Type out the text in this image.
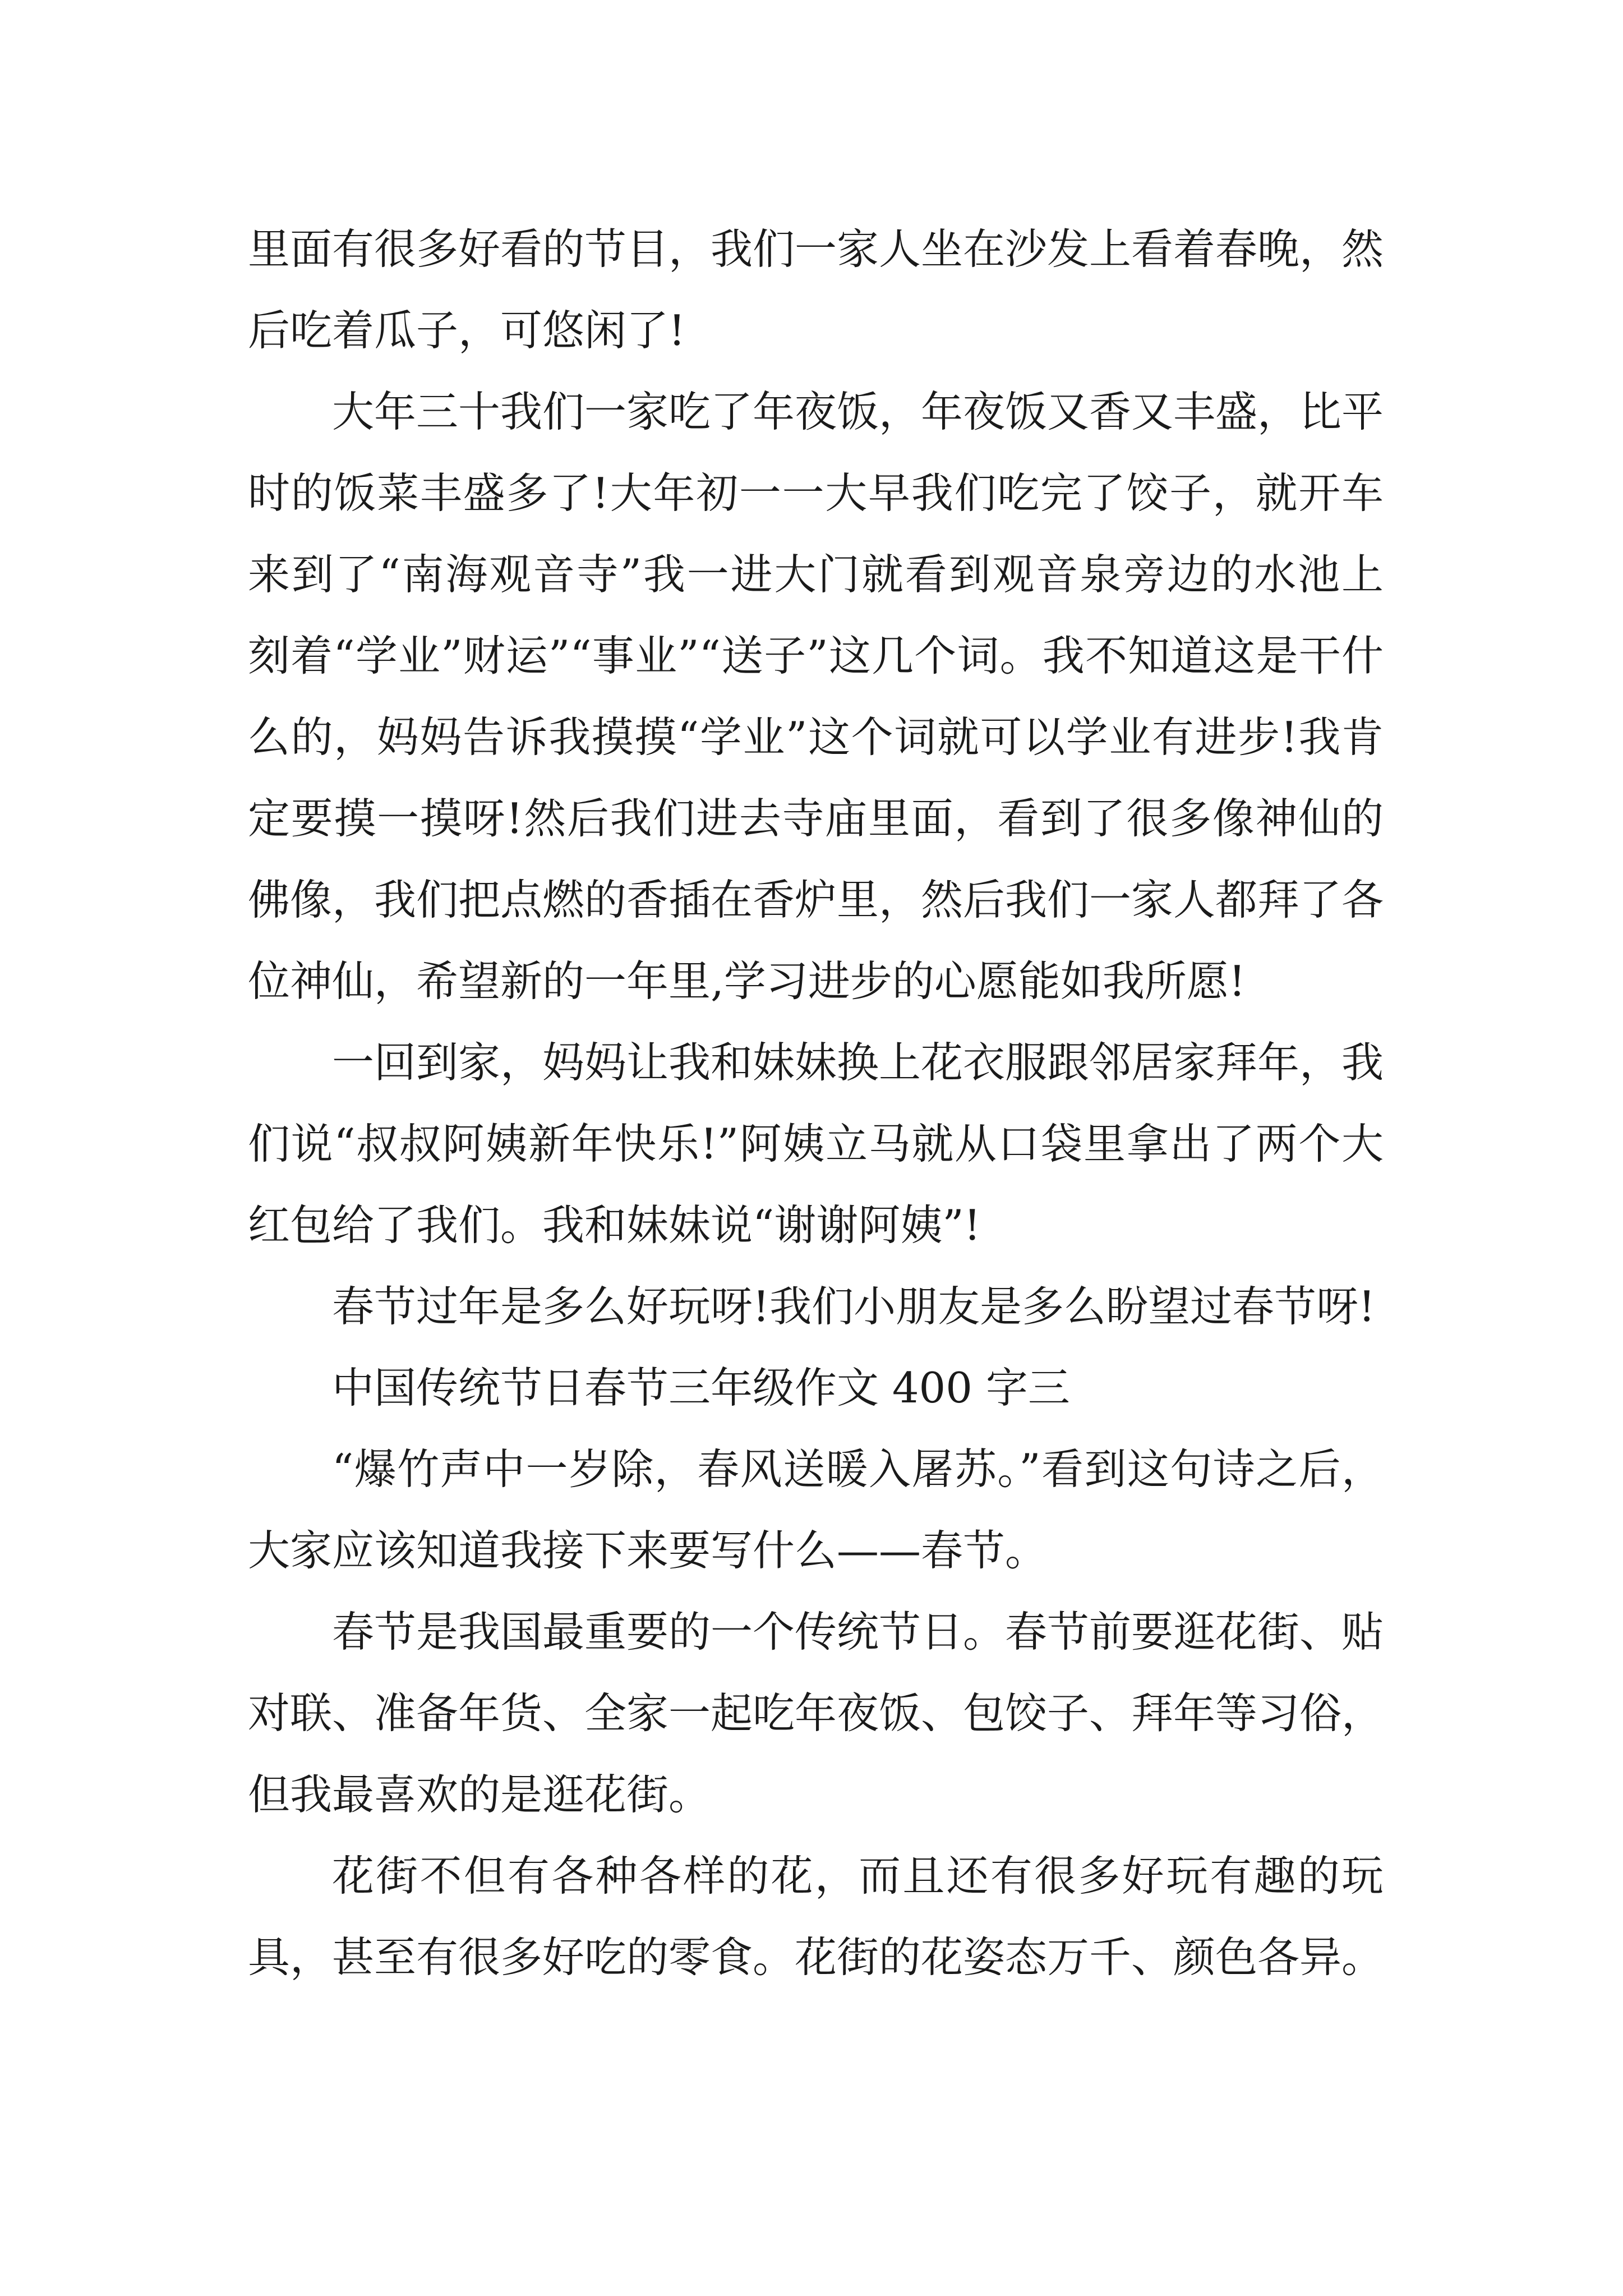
里面有很多好看的节目，我们一家人坐在沙发上看着春晚，然后吃着瓜子，可悠闲了!

大年三十我们一家吃了年夜饭，年夜饭又香又丰盛，比平时的饭菜丰盛多了!大年初一一大早我们吃完了饺子，就开车来到了“南海观音寺”我一进大门就看到观音泉旁边的水池上刻着“学业”财运”“事业”“送子”这几个词。我不知道这是干什么的，妈妈告诉我摸摸“学业”这个词就可以学业有进步!我肯定要摸一摸呀!然后我们进去寺庙里面，看到了很多像神仙的佛像，我们把点燃的香插在香炉里，然后我们一家人都拜了各位神仙，希望新的一年里,学习进步的心愿能如我所愿!

一回到家，妈妈让我和妹妹换上花衣服跟邻居家拜年，我们说“叔叔阿姨新年快乐!”阿姨立马就从口袋里拿出了两个大红包给了我们。我和妹妹说“谢谢阿姨”!

春节过年是多么好玩呀!我们小朋友是多么盼望过春节呀!

中国传统节日春节三年级作文 400 字三

“爆竹声中一岁除，春风送暖入屠苏。”看到这句诗之后，大家应该知道我接下来要写什么——春节。

春节是我国最重要的一个传统节日。春节前要逛花街、贴对联、准备年货、全家一起吃年夜饭、包饺子、拜年等习俗，但我最喜欢的是逛花街。

花街不但有各种各样的花，而且还有很多好玩有趣的玩具，甚至有很多好吃的零食。花街的花姿态万千、颜色各异。
